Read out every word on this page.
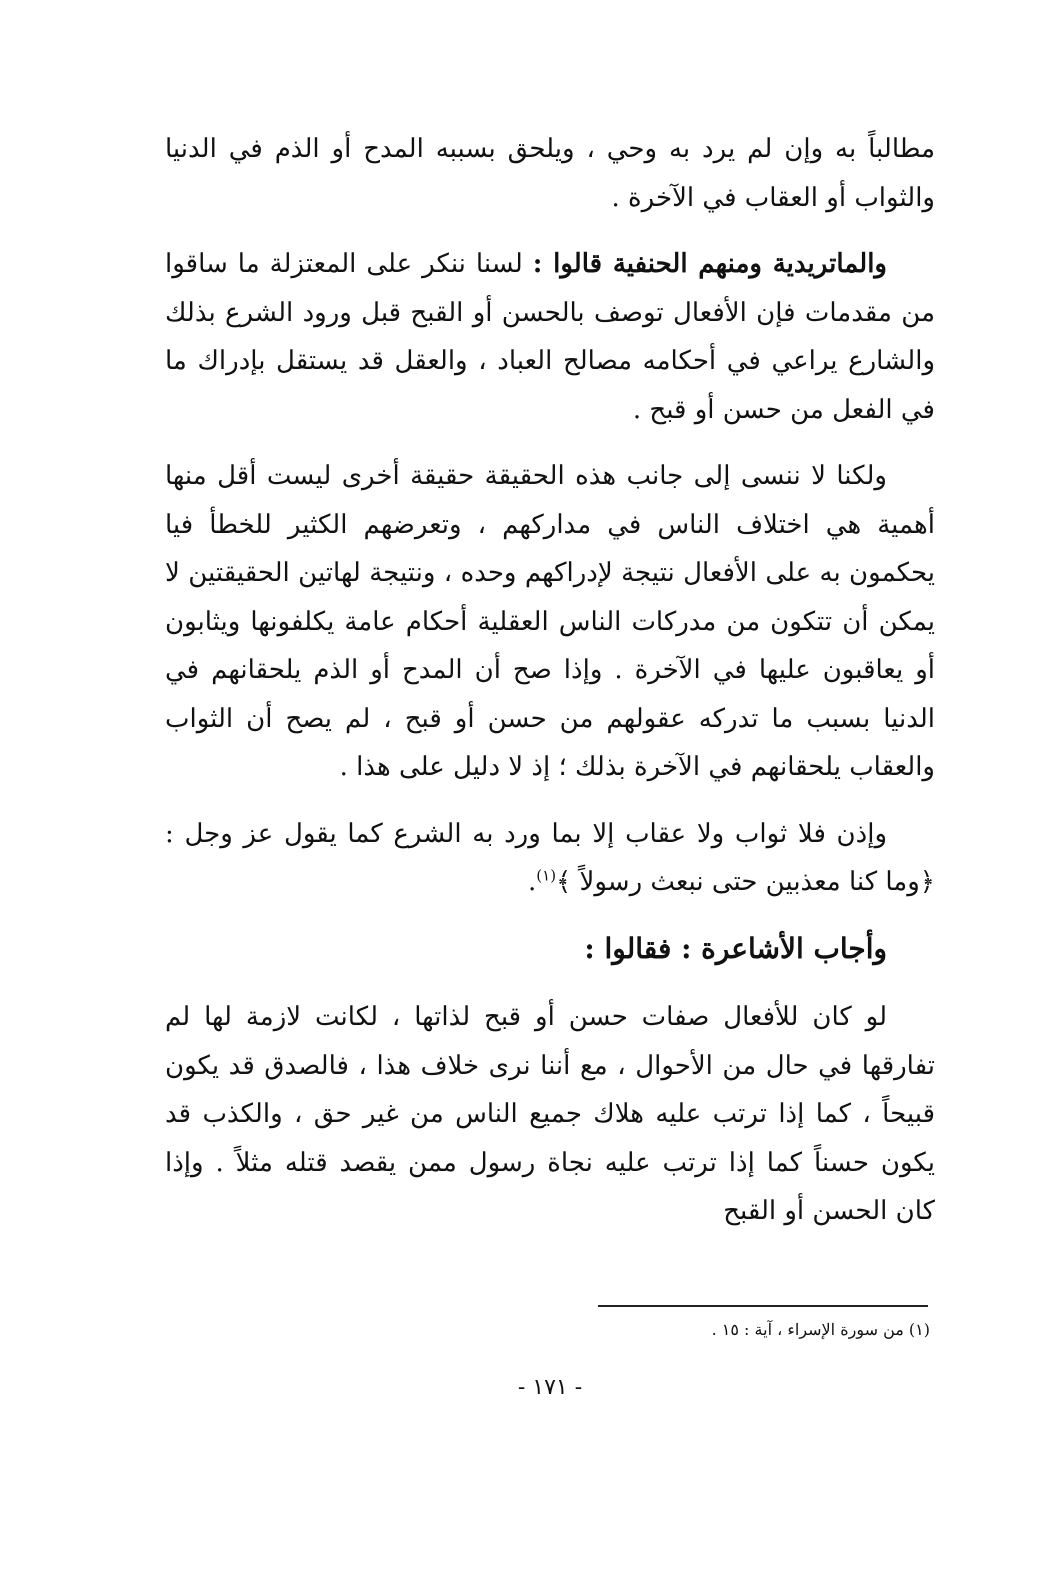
مطالباً به وإن لم يرد به وحي ، ويلحق بسببه المدح أو الذم في الدنيا والثواب أو العقاب في الآخرة .

والماتريدية ومنهم الحنفية قالوا : لسنا ننكر على المعتزلة ما ساقوا من مقدمات فإن الأفعال توصف بالحسن أو القبح قبل ورود الشرع بذلك والشارع يراعي في أحكامه مصالح العباد ، والعقل قد يستقل بإدراك ما في الفعل من حسن أو قبح .

ولكنا لا ننسى إلى جانب هذه الحقيقة حقيقة أخرى ليست أقل منها أهمية هي اختلاف الناس في مداركهم ، وتعرضهم الكثير للخطأ فيا يحكمون به على الأفعال نتيجة لإدراكهم وحده ، ونتيجة لهاتين الحقيقتين لا يمكن أن تتكون من مدركات الناس العقلية أحكام عامة يكلفونها ويثابون أو يعاقبون عليها في الآخرة . وإذا صح أن المدح أو الذم يلحقانهم في الدنيا بسبب ما تدركه عقولهم من حسن أو قبح ، لم يصح أن الثواب والعقاب يلحقانهم في الآخرة بذلك ؛ إذ لا دليل على هذا .

وإذن فلا ثواب ولا عقاب إلا بما ورد به الشرع كما يقول عز وجل : ﴿وما كنا معذبين حتى نبعث رسولاً ﴾$^{(١)}$.

وأجاب الأشاعرة : فقالوا :

لو كان للأفعال صفات حسن أو قبح لذاتها ، لكانت لازمة لها لم تفارقها في حال من الأحوال ، مع أننا نرى خلاف هذا ، فالصدق قد يكون قبيحاً ، كما إذا ترتب عليه هلاك جميع الناس من غير حق ، والكذب قد يكون حسناً كما إذا ترتب عليه نجاة رسول ممن يقصد قتله مثلاً . وإذا كان الحسن أو القبح

(١) من سورة الإسراء ، آية : ١٥ .
- ١٧١ -
